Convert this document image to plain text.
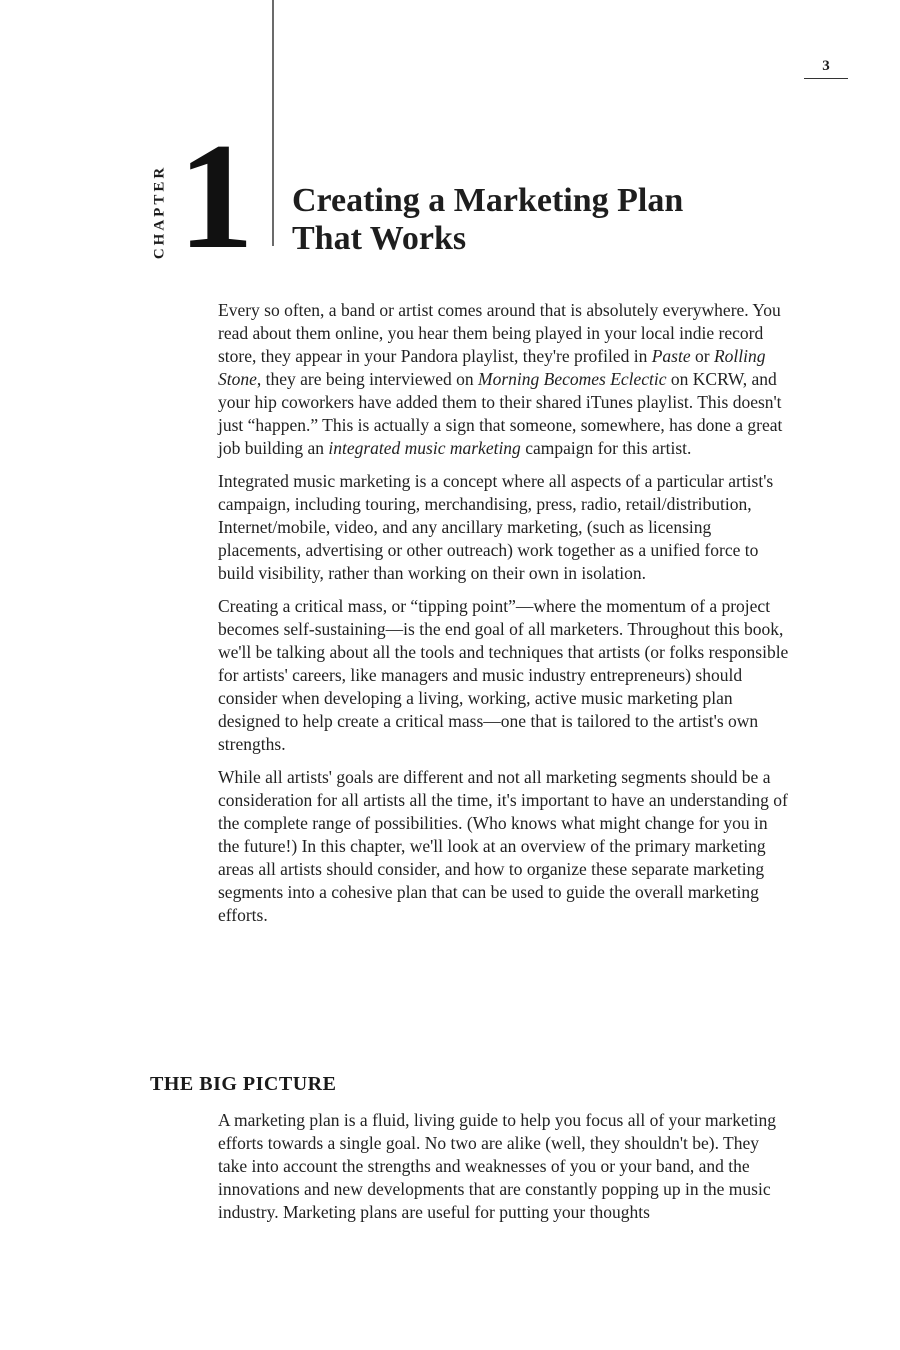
3
CHAPTER 1 Creating a Marketing Plan
That Works

Every so often, a band or artist comes around that is absolutely everywhere. You read about them online, you hear them being played in your local indie record store, they appear in your Pandora playlist, they're profiled in Paste or Rolling Stone, they are being interviewed on Morning Becomes Eclectic on KCRW, and your hip coworkers have added them to their shared iTunes playlist. This doesn't just “happen.” This is actually a sign that someone, somewhere, has done a great job building an integrated music marketing campaign for this artist.

Integrated music marketing is a concept where all aspects of a particular artist's campaign, including touring, merchandising, press, radio, retail/distribution, Internet/mobile, video, and any ancillary marketing, (such as licensing placements, advertising or other outreach) work together as a unified force to build visibility, rather than working on their own in isolation.

Creating a critical mass, or “tipping point”—where the momentum of a project becomes self-sustaining—is the end goal of all marketers. Throughout this book, we'll be talking about all the tools and techniques that artists (or folks responsible for artists' careers, like managers and music industry entrepreneurs) should consider when developing a living, working, active music marketing plan designed to help create a critical mass—one that is tailored to the artist's own strengths.

While all artists' goals are different and not all marketing segments should be a consideration for all artists all the time, it's important to have an understanding of the complete range of possibilities. (Who knows what might change for you in the future!) In this chapter, we'll look at an overview of the primary marketing areas all artists should consider, and how to organize these separate marketing segments into a cohesive plan that can be used to guide the overall marketing efforts.

THE BIG PICTURE

A marketing plan is a fluid, living guide to help you focus all of your marketing efforts towards a single goal. No two are alike (well, they shouldn't be). They take into account the strengths and weaknesses of you or your band, and the innovations and new developments that are constantly popping up in the music industry. Marketing plans are useful for putting your thoughts
